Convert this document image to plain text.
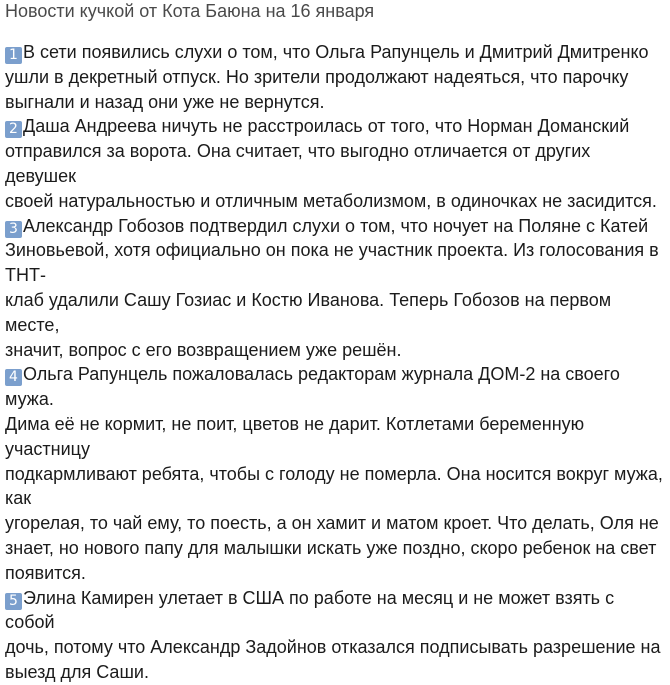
Новости кучкой от Кота Баюна на 16 января
1 В сети появились слухи о том, что Ольга Рапунцель и Дмитрий Дмитренко
ушли в декретный отпуск. Но зрители продолжают надеяться, что парочку
выгнали и назад они уже не вернутся.
2 Даша Андреева ничуть не расстроилась от того, что Норман Доманский
отправился за ворота. Она считает, что выгодно отличается от других девушек
своей натуральностью и отличным метаболизмом, в одиночках не засидится.
3 Александр Гобозов подтвердил слухи о том, что ночует на Поляне с Катей
Зиновьевой, хотя официально он пока не участник проекта. Из голосования в ТНТ-
клаб удалили Сашу Гозиас и Костю Иванова. Теперь Гобозов на первом месте,
значит, вопрос с его возвращением уже решён.
4 Ольга Рапунцель пожаловалась редакторам журнала ДОМ-2 на своего мужа.
Дима её не кормит, не поит, цветов не дарит. Котлетами беременную участницу
подкармливают ребята, чтобы с голоду не померла. Она носится вокруг мужа, как
угорелая, то чай ему, то поесть, а он хамит и матом кроет. Что делать, Оля не
знает, но нового папу для малышки искать уже поздно, скоро ребенок на свет
появится.
5 Элина Камирен улетает в США по работе на месяц и не может взять с собой
дочь, потому что Александр Задойнов отказался подписывать разрешение на
выезд для Саши.
